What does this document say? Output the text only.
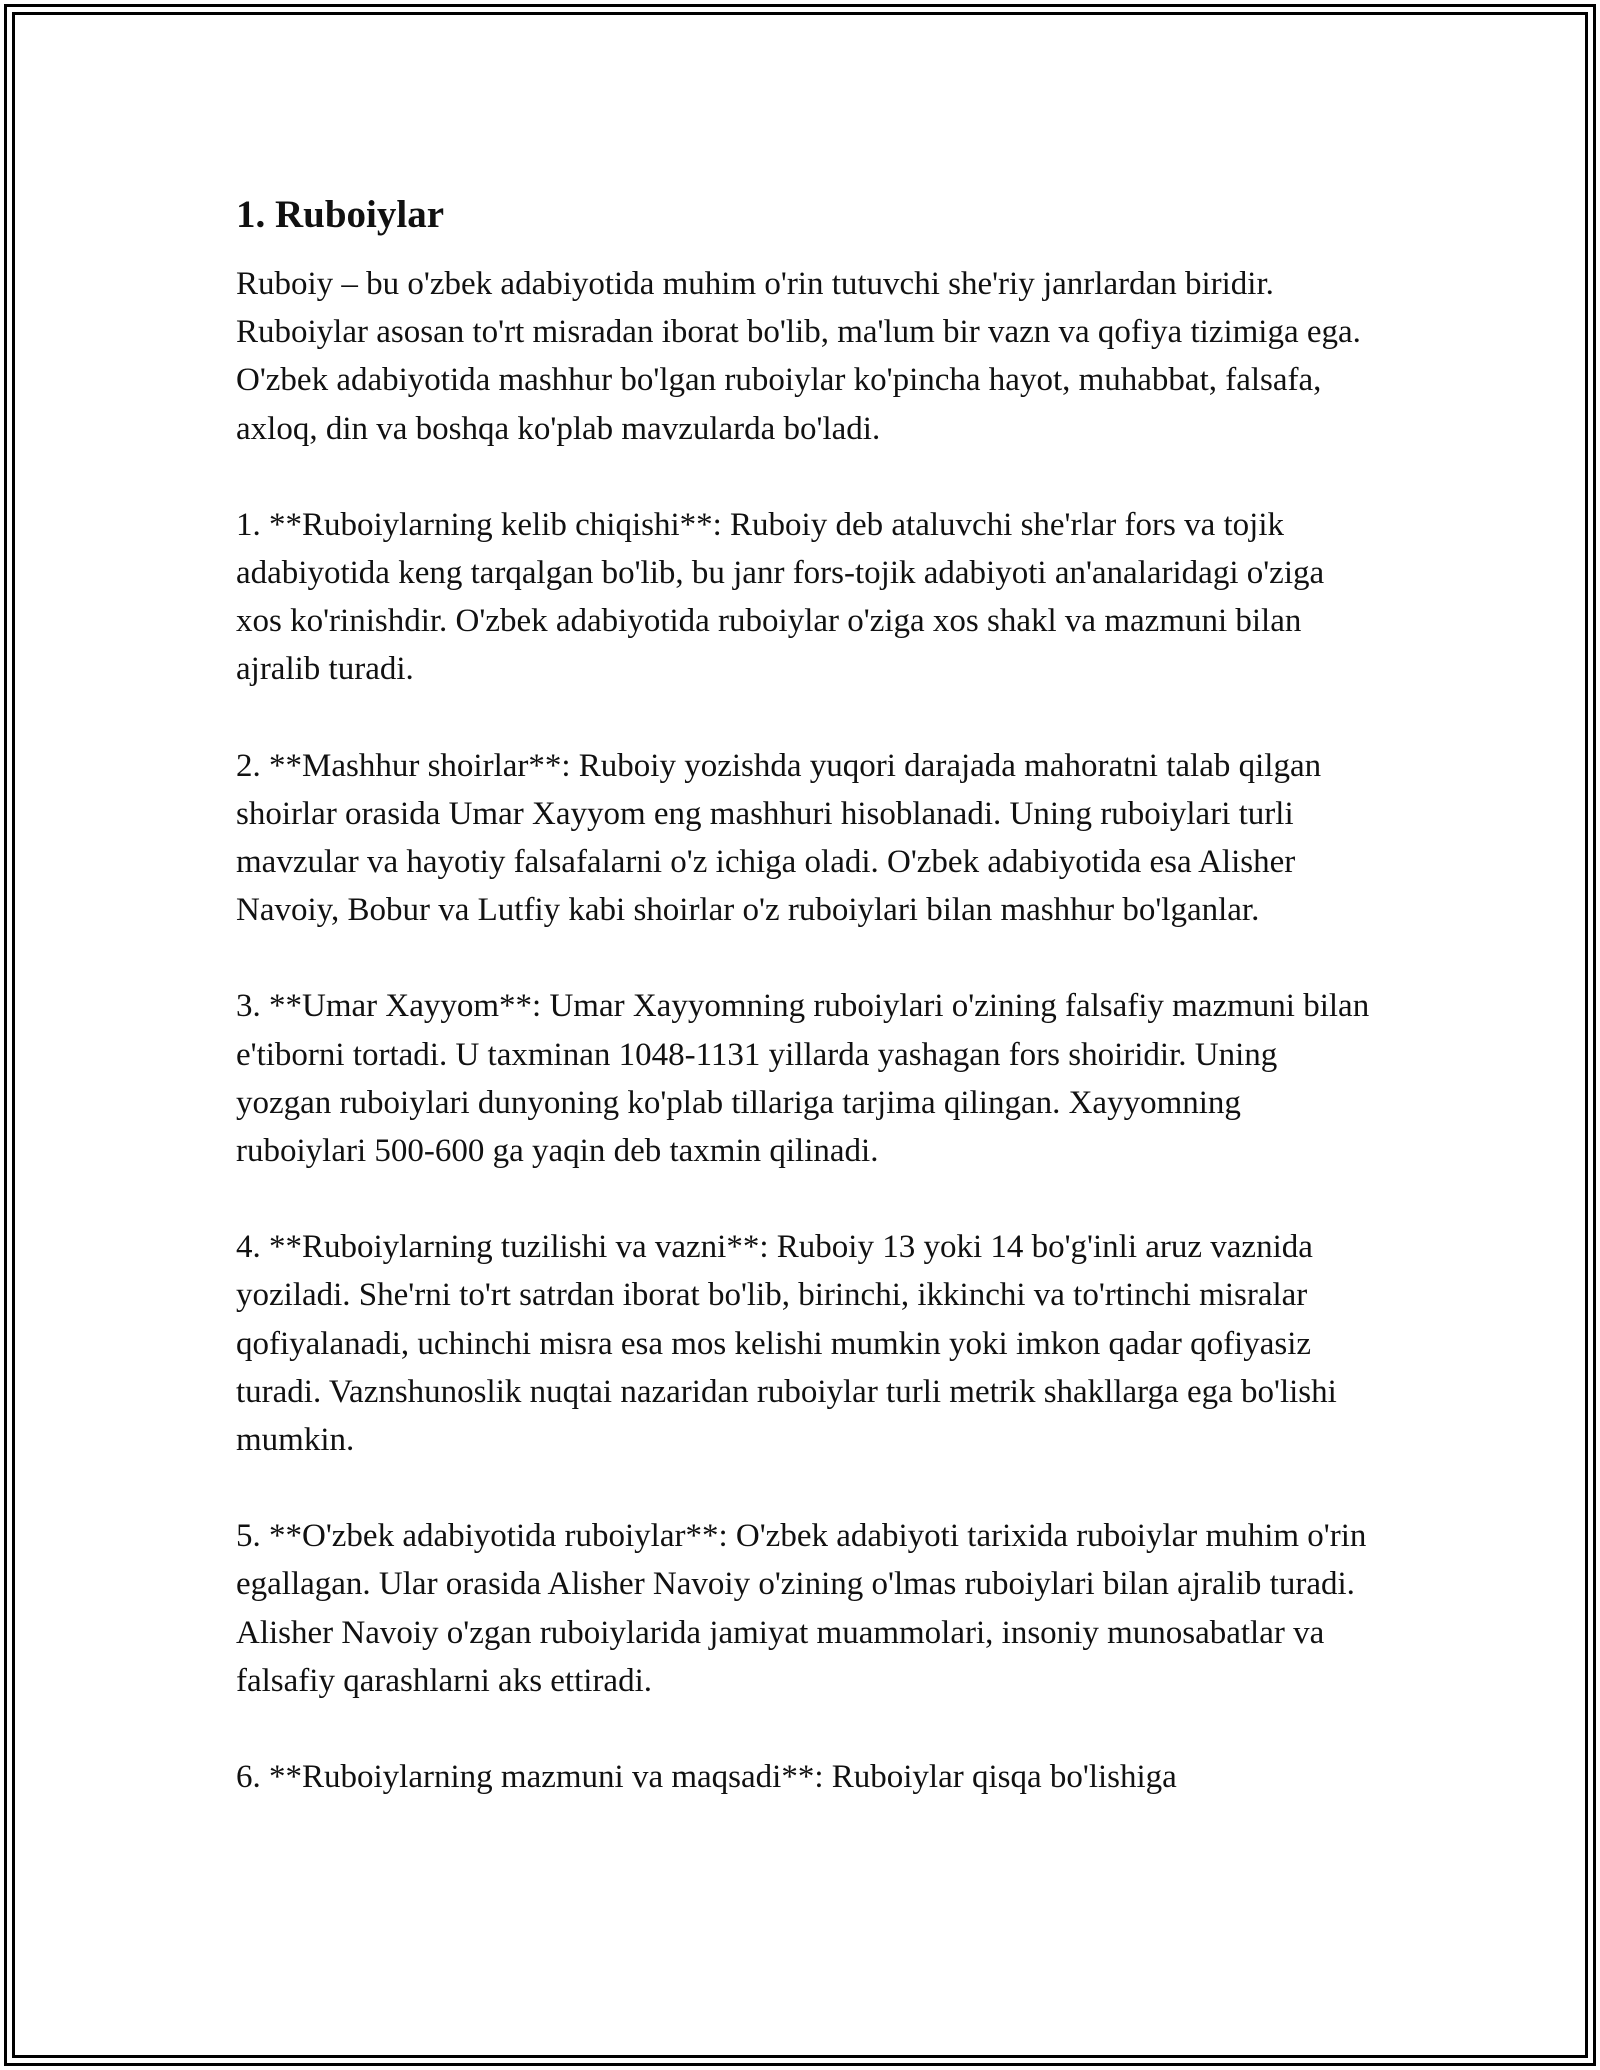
1. Ruboiylar

Ruboiy – bu o'zbek adabiyotida muhim o'rin tutuvchi she'riy janrlardan biridir. Ruboiylar asosan to'rt misradan iborat bo'lib, ma'lum bir vazn va qofiya tizimiga ega. O'zbek adabiyotida mashhur bo'lgan ruboiylar ko'pincha hayot, muhabbat, falsafa, axloq, din va boshqa ko'plab mavzularda bo'ladi.

1. **Ruboiylarning kelib chiqishi**: Ruboiy deb ataluvchi she'rlar fors va tojik adabiyotida keng tarqalgan bo'lib, bu janr fors-tojik adabiyoti an'analaridagi o'ziga xos ko'rinishdir. O'zbek adabiyotida ruboiylar o'ziga xos shakl va mazmuni bilan ajralib turadi.

2. **Mashhur shoirlar**: Ruboiy yozishda yuqori darajada mahoratni talab qilgan shoirlar orasida Umar Xayyom eng mashhuri hisoblanadi. Uning ruboiylari turli mavzular va hayotiy falsafalarni o'z ichiga oladi. O'zbek adabiyotida esa Alisher Navoiy, Bobur va Lutfiy kabi shoirlar o'z ruboiylari bilan mashhur bo'lganlar.

3. **Umar Xayyom**: Umar Xayyomning ruboiylari o'zining falsafiy mazmuni bilan e'tiborni tortadi. U taxminan 1048-1131 yillarda yashagan fors shoiridir. Uning yozgan ruboiylari dunyoning ko'plab tillariga tarjima qilingan. Xayyomning ruboiylari 500-600 ga yaqin deb taxmin qilinadi.

4. **Ruboiylarning tuzilishi va vazni**: Ruboiy 13 yoki 14 bo'g'inli aruz vaznida yoziladi. She'rni to'rt satrdan iborat bo'lib, birinchi, ikkinchi va to'rtinchi misralar qofiyalanadi, uchinchi misra esa mos kelishi mumkin yoki imkon qadar qofiyasiz turadi. Vaznshunoslik nuqtai nazaridan ruboiylar turli metrik shakllarga ega bo'lishi mumkin.

5. **O'zbek adabiyotida ruboiylar**: O'zbek adabiyoti tarixida ruboiylar muhim o'rin egallagan. Ular orasida Alisher Navoiy o'zining o'lmas ruboiylari bilan ajralib turadi. Alisher Navoiy o'zgan ruboiylarida jamiyat muammolari, insoniy munosabatlar va falsafiy qarashlarni aks ettiradi.

6. **Ruboiylarning mazmuni va maqsadi**: Ruboiylar qisqa bo'lishiga
